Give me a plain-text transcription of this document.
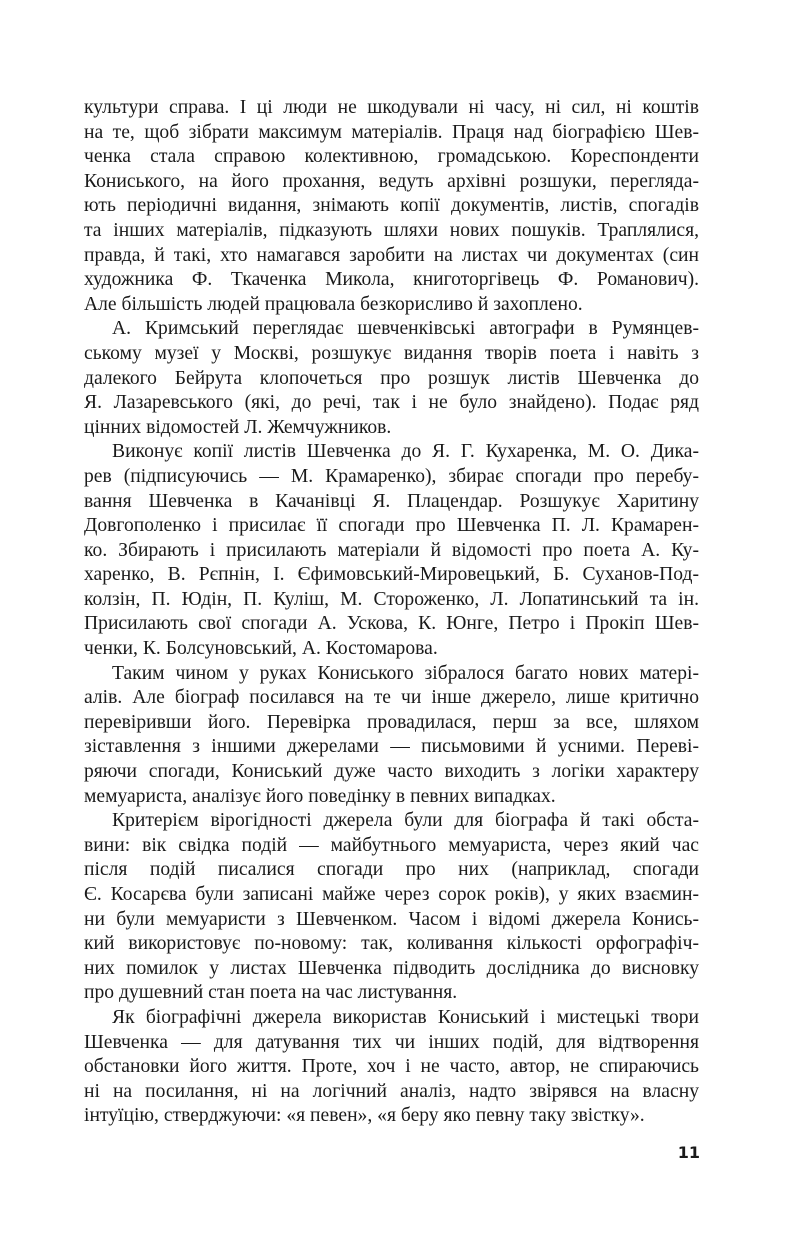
культури справа. І ці люди не шкодували ні часу, ні сил, ні коштів
на те, щоб зібрати максимум матеріалів. Праця над біографією Шев-
ченка стала справою колективною, громадською. Кореспонденти
Кониського, на його прохання, ведуть архівні розшуки, переглядa-
ють періодичні видання, знімають копії документів, листів, спогадів
та інших матеріалів, підказують шляхи нових пошуків. Траплялися,
правда, й такі, хто намагався заробити на листах чи документах (син
художника Ф. Ткаченка Микола, книготоргівець Ф. Романович).
Але більшість людей працювала безкорисливо й захоплено.
А. Кримський переглядає шевченківські автографи в Румянцев-
ському музеї у Москві, розшукує видання творів поета і навіть з
далекого Бейрута клопочеться про розшук листів Шевченка до
Я. Лазаревського (які, до речі, так і не було знайдено). Подає ряд
цінних відомостей Л. Жемчужников.
Виконує копії листів Шевченка до Я. Г. Кухаренка, М. О. Дика-
рев (підписуючись — М. Крамаренко), збирає спогади про перебу-
вання Шевченка в Качанівці Я. Плацендар. Розшукує Харитину
Довгополенко і присилає її спогади про Шевченка П. Л. Крамарен-
ко. Збирають і присилають матеріали й відомості про поета А. Ку-
харенко, В. Рєпнін, І. Єфимовський-Мировецький, Б. Суханов-Под-
колзін, П. Юдін, П. Куліш, М. Стороженко, Л. Лопатинський та ін.
Присилають свої спогади А. Ускова, К. Юнге, Петро і Прокіп Шев-
ченки, К. Болсуновський, А. Костомарова.
Таким чином у руках Кониського зібралося багато нових матері-
алів. Але біограф посилався на те чи інше джерело, лише критично
перевіривши його. Перевірка провадилася, перш за все, шляхом
зіставлення з іншими джерелами — письмовими й усними. Переві-
ряючи спогади, Кониський дуже часто виходить з логіки характеру
мемуариста, аналізує його поведінку в певних випадках.
Критерієм вірогідності джерела були для біографа й такі обста-
вини: вік свідка подій — майбутнього мемуариста, через який час
після подій писалися спогади про них (наприклад, спогади
Є. Косарєва були записані майже через сорок років), у яких взаємин-
ни були мемуаристи з Шевченком. Часом і відомі джерела Конись-
кий використовує по-новому: так, коливання кількості орфографіч-
них помилок у листах Шевченка підводить дослідника до висновку
про душевний стан поета на час листування.
Як біографічні джерела використав Кониський і мистецькі твори
Шевченка — для датування тих чи інших подій, для відтворення
обстановки його життя. Проте, хоч і не часто, автор, не спираючись
ні на посилання, ні на логічний аналіз, надто звірявся на власну
інтуїцію, стверджуючи: «я певен», «я беру яко певну таку звістку».
11
